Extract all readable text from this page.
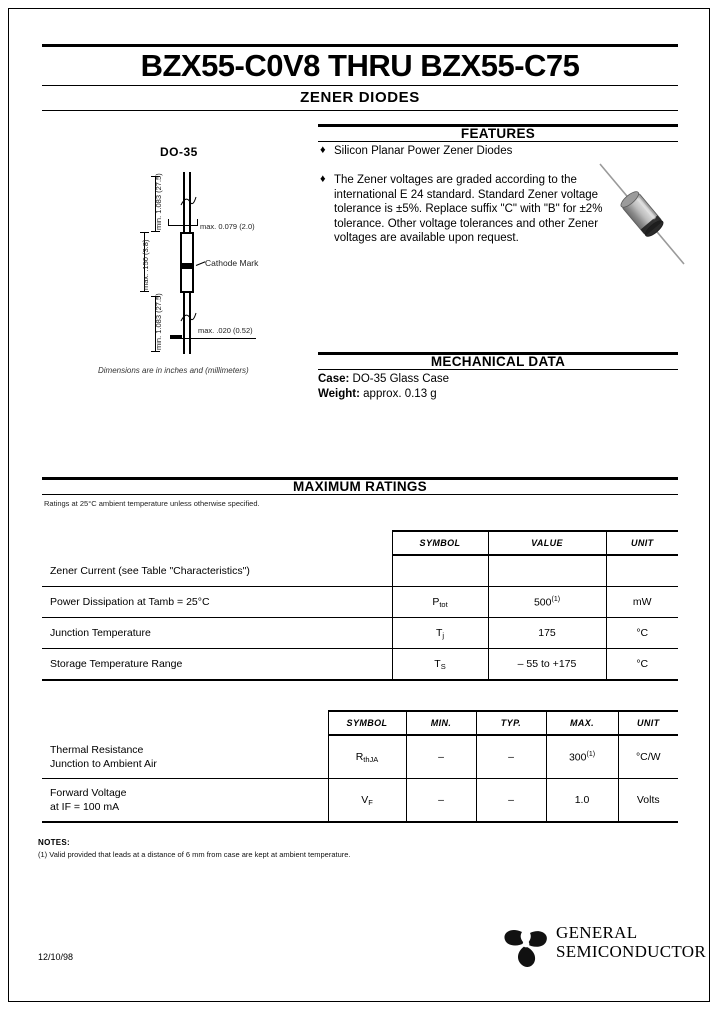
BZX55-C0V8 THRU BZX55-C75
ZENER DIODES
FEATURES
♦ Silicon Planar Power Zener Diodes
♦ The Zener voltages are graded according to the international E 24 standard. Standard Zener voltage tolerance is ±5%. Replace suffix "C" with "B" for ±2% tolerance. Other voltage tolerances and other Zener voltages are available upon request.
DO-35
min. 1.083 (27.5)
max. .150 (3.8)
min. 1.083 (27.5)
max. 0.079 (2.0)
max. .020 (0.52)
Cathode Mark
Dimensions are in inches and (millimeters)
MECHANICAL DATA
Case: DO-35 Glass Case
Weight: approx. 0.13 g
MAXIMUM RATINGS
Ratings at 25°C ambient temperature unless otherwise specified.
	SYMBOL	VALUE	UNIT
Zener Current (see Table "Characteristics")			
Power Dissipation at Tamb = 25°C	$P_{tot}$	500$^{(1)}$	mW
Junction Temperature	$T_j$	175	°C
Storage Temperature Range	$T_S$	– 55 to +175	°C
	SYMBOL	MIN.	TYP.	MAX.	UNIT

Thermal Resistance
Junction to Ambient Air	$R_{thJA}$	–	–	300$^{(1)}$	°C/W

Forward Voltage
at IF = 100 mA	$V_F$	–	–	1.0	Volts
NOTES:
(1) Valid provided that leads at a distance of 6 mm from case are kept at ambient temperature.
12/10/98
GENERAL
SEMICONDUCTOR
